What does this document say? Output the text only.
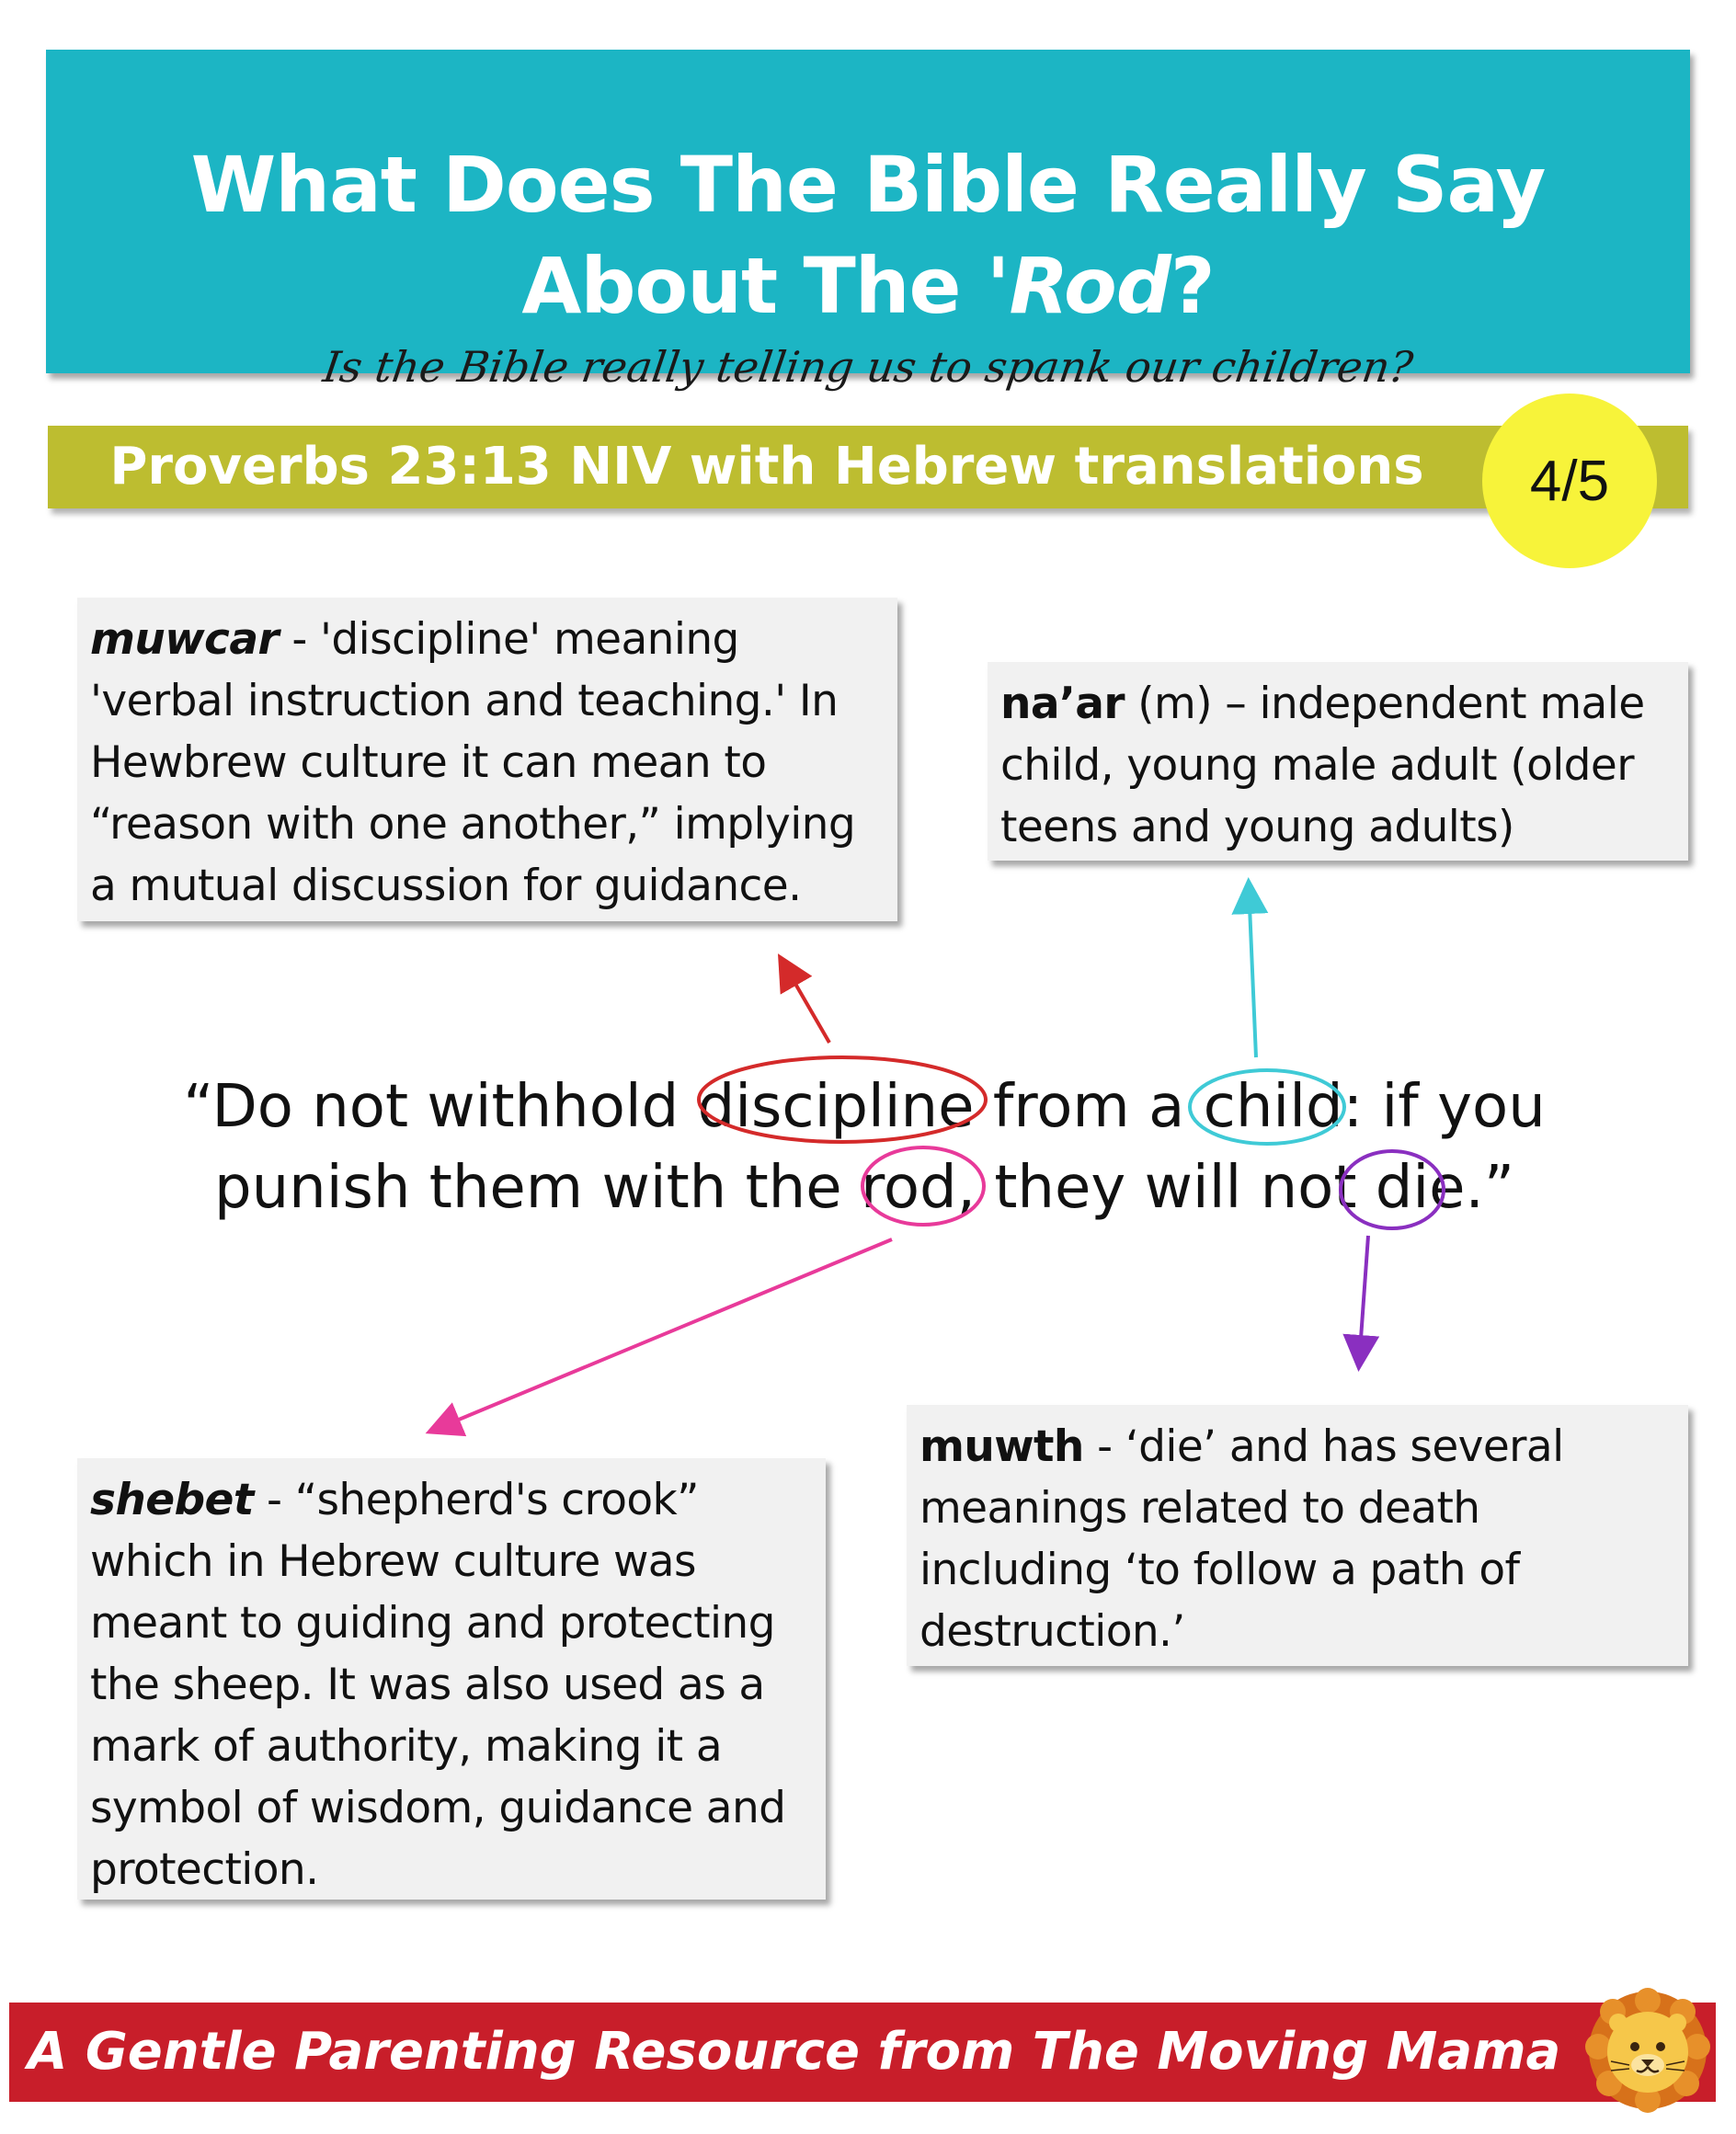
What Does The Bible Really Say
About The 'Rod?
Is the Bible really telling us to spank our children?
Proverbs 23:13 NIV with Hebrew translations	4/5
muwcar - 'discipline' meaning 'verbal instruction and teaching.' In Hewbrew culture it can mean to “reason with one another,” implying a mutual discussion for guidance.
na’ar (m) – independent male child, young male adult (older teens and young adults)
“Do not withhold discipline from a child: if you
punish them with the rod, they will not die.”
shebet - “shepherd's crook” which in Hebrew culture was meant to guiding and protecting the sheep. It was also used as a mark of authority, making it a symbol of wisdom, guidance and protection.
muwth - ‘die’ and has several meanings related to death including ‘to follow a path of destruction.’
A Gentle Parenting Resource from The Moving Mama
